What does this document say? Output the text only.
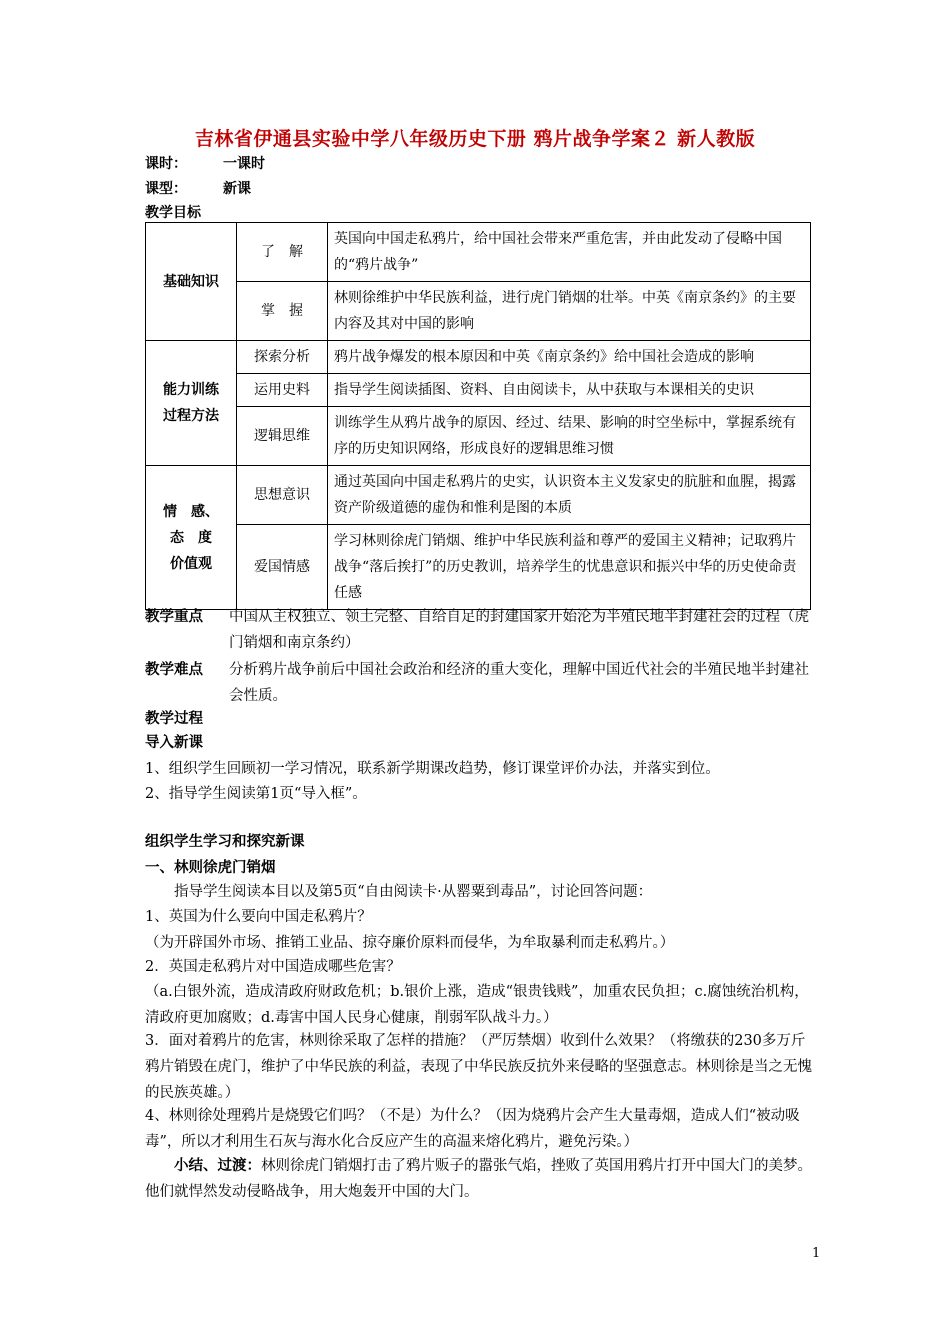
吉林省伊通县实验中学八年级历史下册 鸦片战争学案２ 新人教版
课时：	一课时
课型：	新课
教学目标
基础知识	了　解	英国向中国走私鸦片，给中国社会带来严重危害，并由此发动了侵略中国的“鸦片战争”
	掌　握	林则徐维护中华民族利益，进行虎门销烟的壮举。中英《南京条约》的主要内容及其对中国的影响

能力训练
过程方法	探索分析	鸦片战争爆发的根本原因和中英《南京条约》给中国社会造成的影响
	运用史料	指导学生阅读插图、资料、自由阅读卡，从中获取与本课相关的史识
	逻辑思维	训练学生从鸦片战争的原因、经过、结果、影响的时空坐标中，掌握系统有序的历史知识网络，形成良好的逻辑思维习惯

情　感、
态　度
价值观	思想意识	通过英国向中国走私鸦片的史实，认识资本主义发家史的肮脏和血腥，揭露资产阶级道德的虚伪和惟利是图的本质
	爱国情感	学习林则徐虎门销烟、维护中华民族利益和尊严的爱国主义精神；记取鸦片战争“落后挨打”的历史教训，培养学生的忧患意识和振兴中华的历史使命责任感
教学重点 中国从主权独立、领土完整、自给自足的封建国家开始沦为半殖民地半封建社会的过程（虎门销烟和南京条约）
教学难点 分析鸦片战争前后中国社会政治和经济的重大变化，理解中国近代社会的半殖民地半封建社会性质。
教学过程
导入新课
1、组织学生回顾初一学习情况，联系新学期课改趋势，修订课堂评价办法，并落实到位。
2、指导学生阅读第1页“导入框”。
组织学生学习和探究新课
一、林则徐虎门销烟
指导学生阅读本目以及第5页“自由阅读卡·从罂粟到毒品”，讨论回答问题：
1、英国为什么要向中国走私鸦片？
（为开辟国外市场、推销工业品、掠夺廉价原料而侵华，为牟取暴利而走私鸦片。）
2．英国走私鸦片对中国造成哪些危害？
（a.白银外流，造成清政府财政危机；b.银价上涨，造成“银贵钱贱”，加重农民负担；c.腐蚀统治机构，清政府更加腐败；d.毒害中国人民身心健康，削弱军队战斗力。）
3．面对着鸦片的危害，林则徐采取了怎样的措施？（严厉禁烟）收到什么效果？（将缴获的230多万斤鸦片销毁在虎门，维护了中华民族的利益，表现了中华民族反抗外来侵略的坚强意志。林则徐是当之无愧的民族英雄。）
4、林则徐处理鸦片是烧毁它们吗？（不是）为什么？（因为烧鸦片会产生大量毒烟，造成人们“被动吸毒”，所以才利用生石灰与海水化合反应产生的高温来熔化鸦片，避免污染。）
小结、过渡：林则徐虎门销烟打击了鸦片贩子的嚣张气焰，挫败了英国用鸦片打开中国大门的美梦。他们就悍然发动侵略战争，用大炮轰开中国的大门。
1
